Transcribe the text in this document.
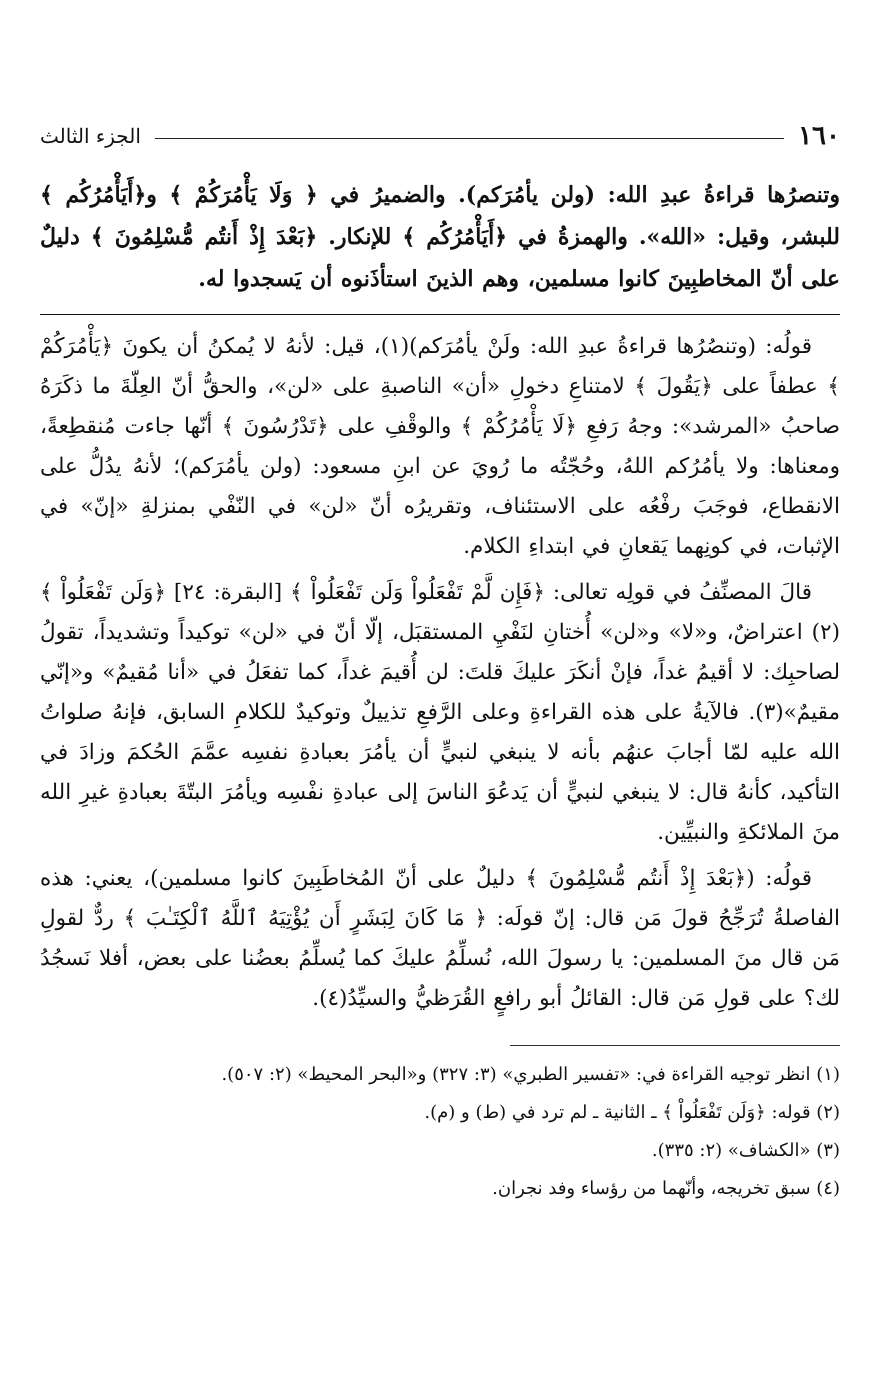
١٦٠
الجزء الثالث

وتنصرُها قراءةُ عبدِ الله: (ولن يأمُرَكم). والضميرُ في ﴿ وَلَا يَأْمُرَكُمْ ﴾ و﴿أَيَأْمُرُكُم ﴾ للبشر، وقيل: «الله». والهمزةُ في ﴿أَيَأْمُرُكُم ﴾ للإنكار. ﴿بَعْدَ إِذْ أَنتُم مُّسْلِمُونَ ﴾ دليلٌ على أنّ المخاطبِينَ كانوا مسلمين، وهم الذينَ استأذَنوه أن يَسجدوا له.

قولُه: (وتنصُرُها قراءةُ عبدِ الله: ولَنْ يأمُرَكم)(١)، قيل: لأنهُ لا يُمكنُ أن يكونَ ﴿يَأْمُرَكُمْ ﴾ عطفاً على ﴿يَقُولَ ﴾ لامتناعِ دخولِ «أن» الناصبةِ على «لن»، والحقُّ أنّ العِلّةَ ما ذكَرَهُ صاحبُ «المرشد»: وجهُ رَفعِ ﴿لَا يَأْمُرُكُمْ ﴾ والوقْفِ على ﴿تَدْرُسُونَ ﴾ أنّها جاءت مُنقطِعةً، ومعناها: ولا يأمُرُكم اللهُ، وحُجّتُه ما رُويَ عن ابنِ مسعود: (ولن يأمُرَكم)؛ لأنهُ يدُلُّ على الانقطاع، فوجَبَ رفْعُه على الاستئناف، وتقريرُه أنّ «لن» في النّفْي بمنزلةِ «إنّ» في الإثبات، في كونِهما يَقعانِ في ابتداءِ الكلام.

قالَ المصنِّفُ في قولِه تعالى: ﴿فَإِن لَّمْ تَفْعَلُواْ وَلَن تَفْعَلُواْ ﴾ [البقرة: ٢٤] ﴿وَلَن تَفْعَلُواْ ﴾(٢) اعتراضٌ، و«لا» و«لن» أُختانِ لنَفْيِ المستقبَل، إلّا أنّ في «لن» توكيداً وتشديداً، تقولُ لصاحبِك: لا أقيمُ غداً، فإنْ أنكَرَ عليكَ قلتَ: لن أُقيمَ غداً، كما تفعَلُ في «أنا مُقيمٌ» و«إنّي مقيمٌ»(٣). فالآيةُ على هذه القراءةِ وعلى الرَّفعِ تذييلٌ وتوكيدٌ للكلامِ السابق، فإنهُ صلواتُ الله عليه لمّا أجابَ عنهُم بأنه لا ينبغي لنبيٍّ أن يأمُرَ بعبادةِ نفسِه عمَّمَ الحُكمَ وزادَ في التأكيد، كأنهُ قال: لا ينبغي لنبيٍّ أن يَدعُوَ الناسَ إلى عبادةِ نفْسِه ويأمُرَ البتّةَ بعبادةِ غيرِ الله منَ الملائكةِ والنبيِّين.

قولُه: (﴿بَعْدَ إِذْ أَنتُم مُّسْلِمُونَ ﴾ دليلٌ على أنّ المُخاطَبِينَ كانوا مسلمين)، يعني: هذه الفاصلةُ تُرَجِّحُ قولَ مَن قال: إنّ قولَه: ﴿ مَا كَانَ لِبَشَرٍ أَن يُؤْتِيَهُ ٱللَّهُ ٱلْكِتَـٰبَ ﴾ ردٌّ لقولِ مَن قال منَ المسلمين: يا رسولَ الله، نُسلِّمُ عليكَ كما يُسلِّمُ بعضُنا على بعض، أفلا نَسجُدُ لك؟ على قولِ مَن قال: القائلُ أبو رافعٍ القُرَظيُّ والسيِّدُ(٤).

(١) انظر توجيه القراءة في: «تفسير الطبري» (٣: ٣٢٧) و«البحر المحيط» (٢: ٥٠٧).

(٢) قوله: ﴿وَلَن تَفْعَلُواْ ﴾ ـ الثانية ـ لم ترد في (ط) و (م).

(٣) «الكشاف» (٢: ٣٣٥).

(٤) سبق تخريجه، وأنّهما من رؤساء وفد نجران.
